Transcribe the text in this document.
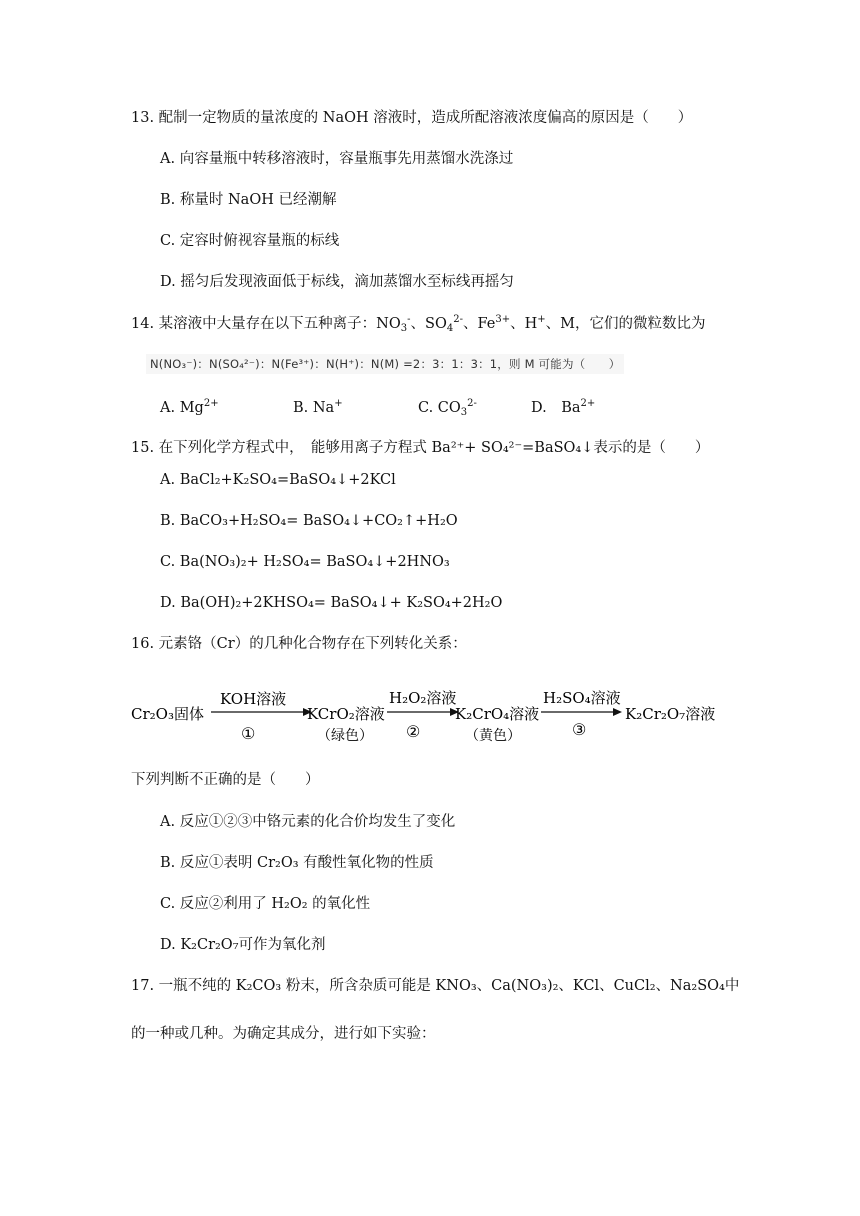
13. 配制一定物质的量浓度的 NaOH 溶液时，造成所配溶液浓度偏高的原因是（　　）
A. 向容量瓶中转移溶液时，容量瓶事先用蒸馏水洗涤过
B. 称量时 NaOH 已经潮解
C. 定容时俯视容量瓶的标线
D. 摇匀后发现液面低于标线，滴加蒸馏水至标线再摇匀
14. 某溶液中大量存在以下五种离子：$NO_3^-$、$SO_4^{2-}$、$Fe^{3+}$、H+、M，它们的微粒数比为
N(NO₃⁻)：N(SO₄²⁻)：N(Fe³⁺)：N(H⁺)：N(M) =2：3：1：3：1，则 M 可能为（　　）
A. $Mg^{2+}$	B. Na+	C. $CO_3^{2-}$	D.　$Ba^{2+}$
15. 在下列化学方程式中，　能够用离子方程式 Ba²⁺+ SO₄²⁻=BaSO₄↓表示的是（　　）
A. BaCl₂+K₂SO₄=BaSO₄↓+2KCl
B. BaCO₃+H₂SO₄= BaSO₄↓+CO₂↑+H₂O
C. Ba(NO₃)₂+ H₂SO₄= BaSO₄↓+2HNO₃
D. Ba(OH)₂+2KHSO₄= BaSO₄↓+ K₂SO₄+2H₂O
16. 元素铬（Cr）的几种化合物存在下列转化关系：
Cr₂O₃固体
KOH溶液
①
KCrO₂溶液
（绿色）
H₂O₂溶液
②
K₂CrO₄溶液
（黄色）
H₂SO₄溶液
③
K₂Cr₂O₇溶液
下列判断不正确的是（　　）
A. 反应①②③中铬元素的化合价均发生了变化
B. 反应①表明 Cr₂O₃ 有酸性氧化物的性质
C. 反应②利用了 H₂O₂ 的氧化性
D. K₂Cr₂O₇可作为氧化剂
17. 一瓶不纯的 K₂CO₃ 粉末，所含杂质可能是 KNO₃、Ca(NO₃)₂、KCl、CuCl₂、Na₂SO₄中
的一种或几种。为确定其成分，进行如下实验：
